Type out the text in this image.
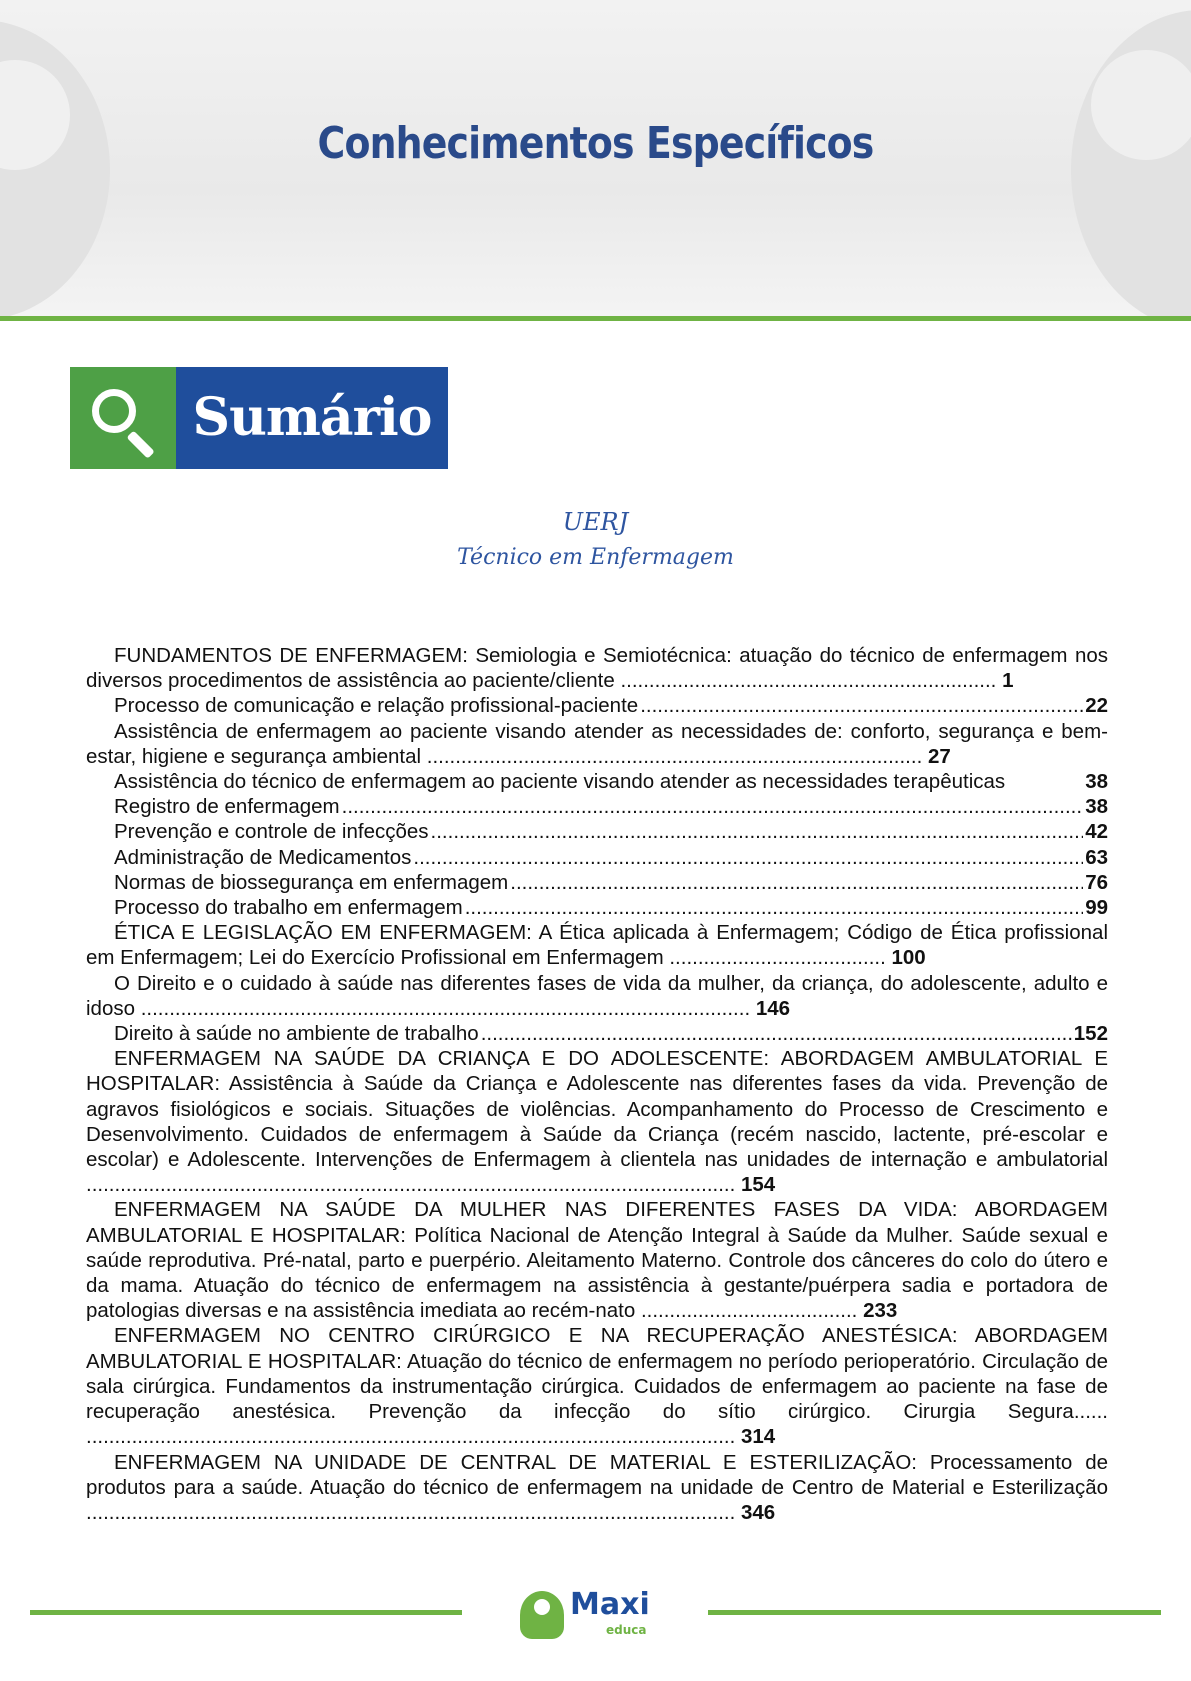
Conhecimentos Específicos
Sumário
UERJ
Técnico em Enfermagem

FUNDAMENTOS DE ENFERMAGEM: Semiologia e Semiotécnica: atuação do técnico de enfermagem nos diversos procedimentos de assistência ao paciente/cliente .................................................................. 1

Processo de comunicação e relação profissional-paciente .....	22

Assistência de enfermagem ao paciente visando atender as necessidades de: conforto, segurança e bem-estar, higiene e segurança ambiental ....................................................................................... 27

Assistência do técnico de enfermagem ao paciente visando atender as necessidades terapêuticas	38
Registro de enfermagem .....	38
Prevenção e controle de infecções .....	42
Administração de Medicamentos .....	63
Normas de biossegurança em enfermagem .....	76
Processo do trabalho em enfermagem .....	99

ÉTICA E LEGISLAÇÃO EM ENFERMAGEM: A Ética aplicada à Enfermagem; Código de Ética profissional em Enfermagem; Lei do Exercício Profissional em Enfermagem ...................................... 100

O Direito e o cuidado à saúde nas diferentes fases de vida da mulher, da criança, do adolescente, adulto e idoso ........................................................................................................... 146

Direito à saúde no ambiente de trabalho .....	152

ENFERMAGEM NA SAÚDE DA CRIANÇA E DO ADOLESCENTE: ABORDAGEM AMBULATORIAL E HOSPITALAR: Assistência à Saúde da Criança e Adolescente nas diferentes fases da vida. Prevenção de agravos fisiológicos e sociais. Situações de violências. Acompanhamento do Processo de Crescimento e Desenvolvimento. Cuidados de enfermagem à Saúde da Criança (recém nascido, lactente, pré-escolar e escolar) e Adolescente. Intervenções de Enfermagem à clientela nas unidades de internação e ambulatorial .................................................................................................................. 154

ENFERMAGEM NA SAÚDE DA MULHER NAS DIFERENTES FASES DA VIDA: ABORDAGEM AMBULATORIAL E HOSPITALAR: Política Nacional de Atenção Integral à Saúde da Mulher. Saúde sexual e saúde reprodutiva. Pré-natal, parto e puerpério. Aleitamento Materno. Controle dos cânceres do colo do útero e da mama. Atuação do técnico de enfermagem na assistência à gestante/puérpera sadia e portadora de patologias diversas e na assistência imediata ao recém-nato ...................................... 233

ENFERMAGEM NO CENTRO CIRÚRGICO E NA RECUPERAÇÃO ANESTÉSICA: ABORDAGEM AMBULATORIAL E HOSPITALAR: Atuação do técnico de enfermagem no período perioperatório. Circulação de sala cirúrgica. Fundamentos da instrumentação cirúrgica. Cuidados de enfermagem ao paciente na fase de recuperação anestésica. Prevenção da infecção do sítio cirúrgico. Cirurgia Segura...... .................................................................................................................. 314

ENFERMAGEM NA UNIDADE DE CENTRAL DE MATERIAL E ESTERILIZAÇÃO: Processamento de produtos para a saúde. Atuação do técnico de enfermagem na unidade de Centro de Material e Esterilização .................................................................................................................. 346

Maxi
educa
